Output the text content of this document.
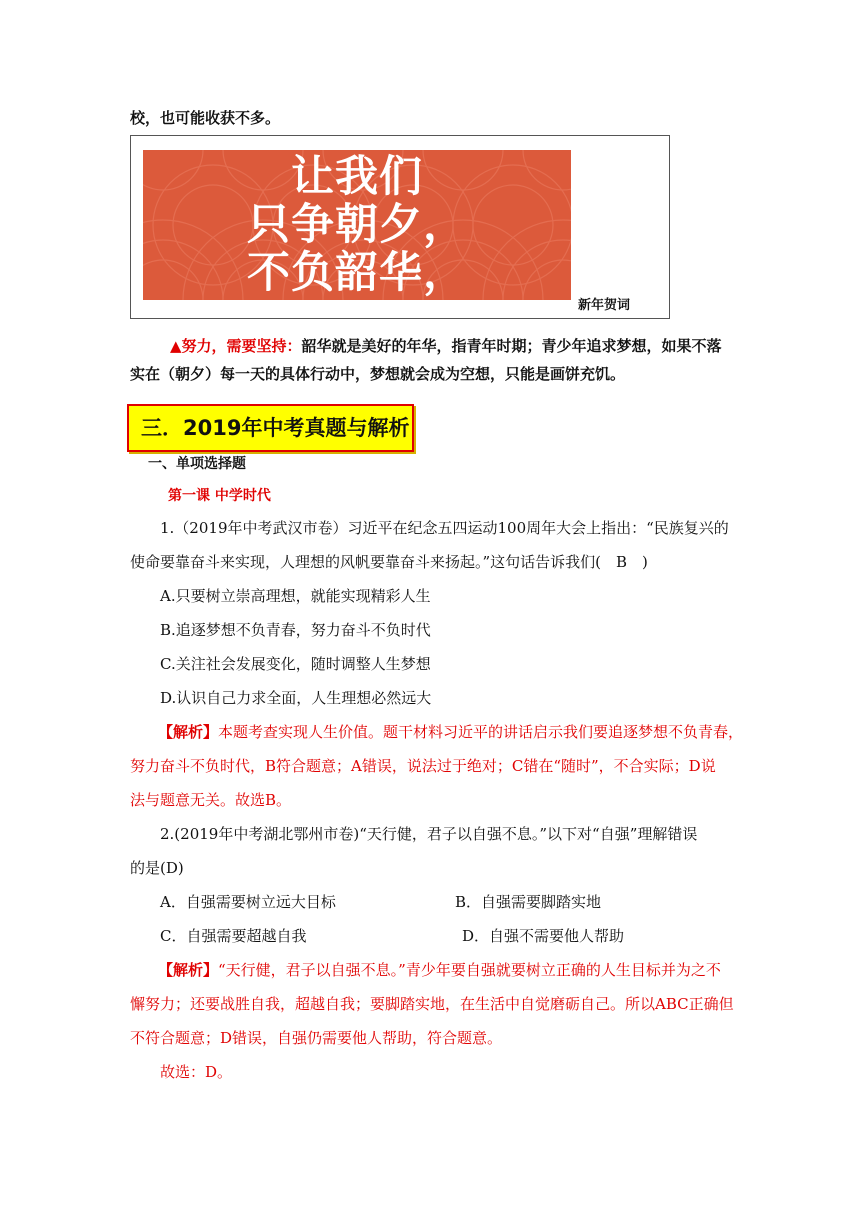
校，也可能收获不多。
让我们
只争朝夕，
不负韶华，
新年贺词
▲努力，需要坚持：韶华就是美好的年华，指青年时期；青少年追求梦想，如果不落
实在（朝夕）每一天的具体行动中，梦想就会成为空想，只能是画饼充饥。
三．2019年中考真题与解析
一、单项选择题
第一课 中学时代
1.（2019年中考武汉市卷）习近平在纪念五四运动100周年大会上指出：“民族复兴的
使命要靠奋斗来实现，人理想的风帆要靠奋斗来扬起。”这句话告诉我们(　B　)
A.只要树立崇高理想，就能实现精彩人生
B.追逐梦想不负青春，努力奋斗不负时代
C.关注社会发展变化，随时调整人生梦想
D.认识自己力求全面，人生理想必然远大
【解析】本题考查实现人生价值。题干材料习近平的讲话启示我们要追逐梦想不负青春，
努力奋斗不负时代，B符合题意；A错误，说法过于绝对；C错在“随时”，不合实际；D说
法与题意无关。故选B。
2.(2019年中考湖北鄂州市卷)“天行健，君子以自强不息。”以下对“自强”理解错误
的是(D)
A．自强需要树立远大目标	B．自强需要脚踏实地
C．自强需要超越自我	D．自强不需要他人帮助
【解析】“天行健，君子以自强不息。”青少年要自强就要树立正确的人生目标并为之不
懈努力；还要战胜自我，超越自我；要脚踏实地，在生活中自觉磨砺自己。所以ABC正确但
不符合题意；D错误，自强仍需要他人帮助，符合题意。
故选：D。
